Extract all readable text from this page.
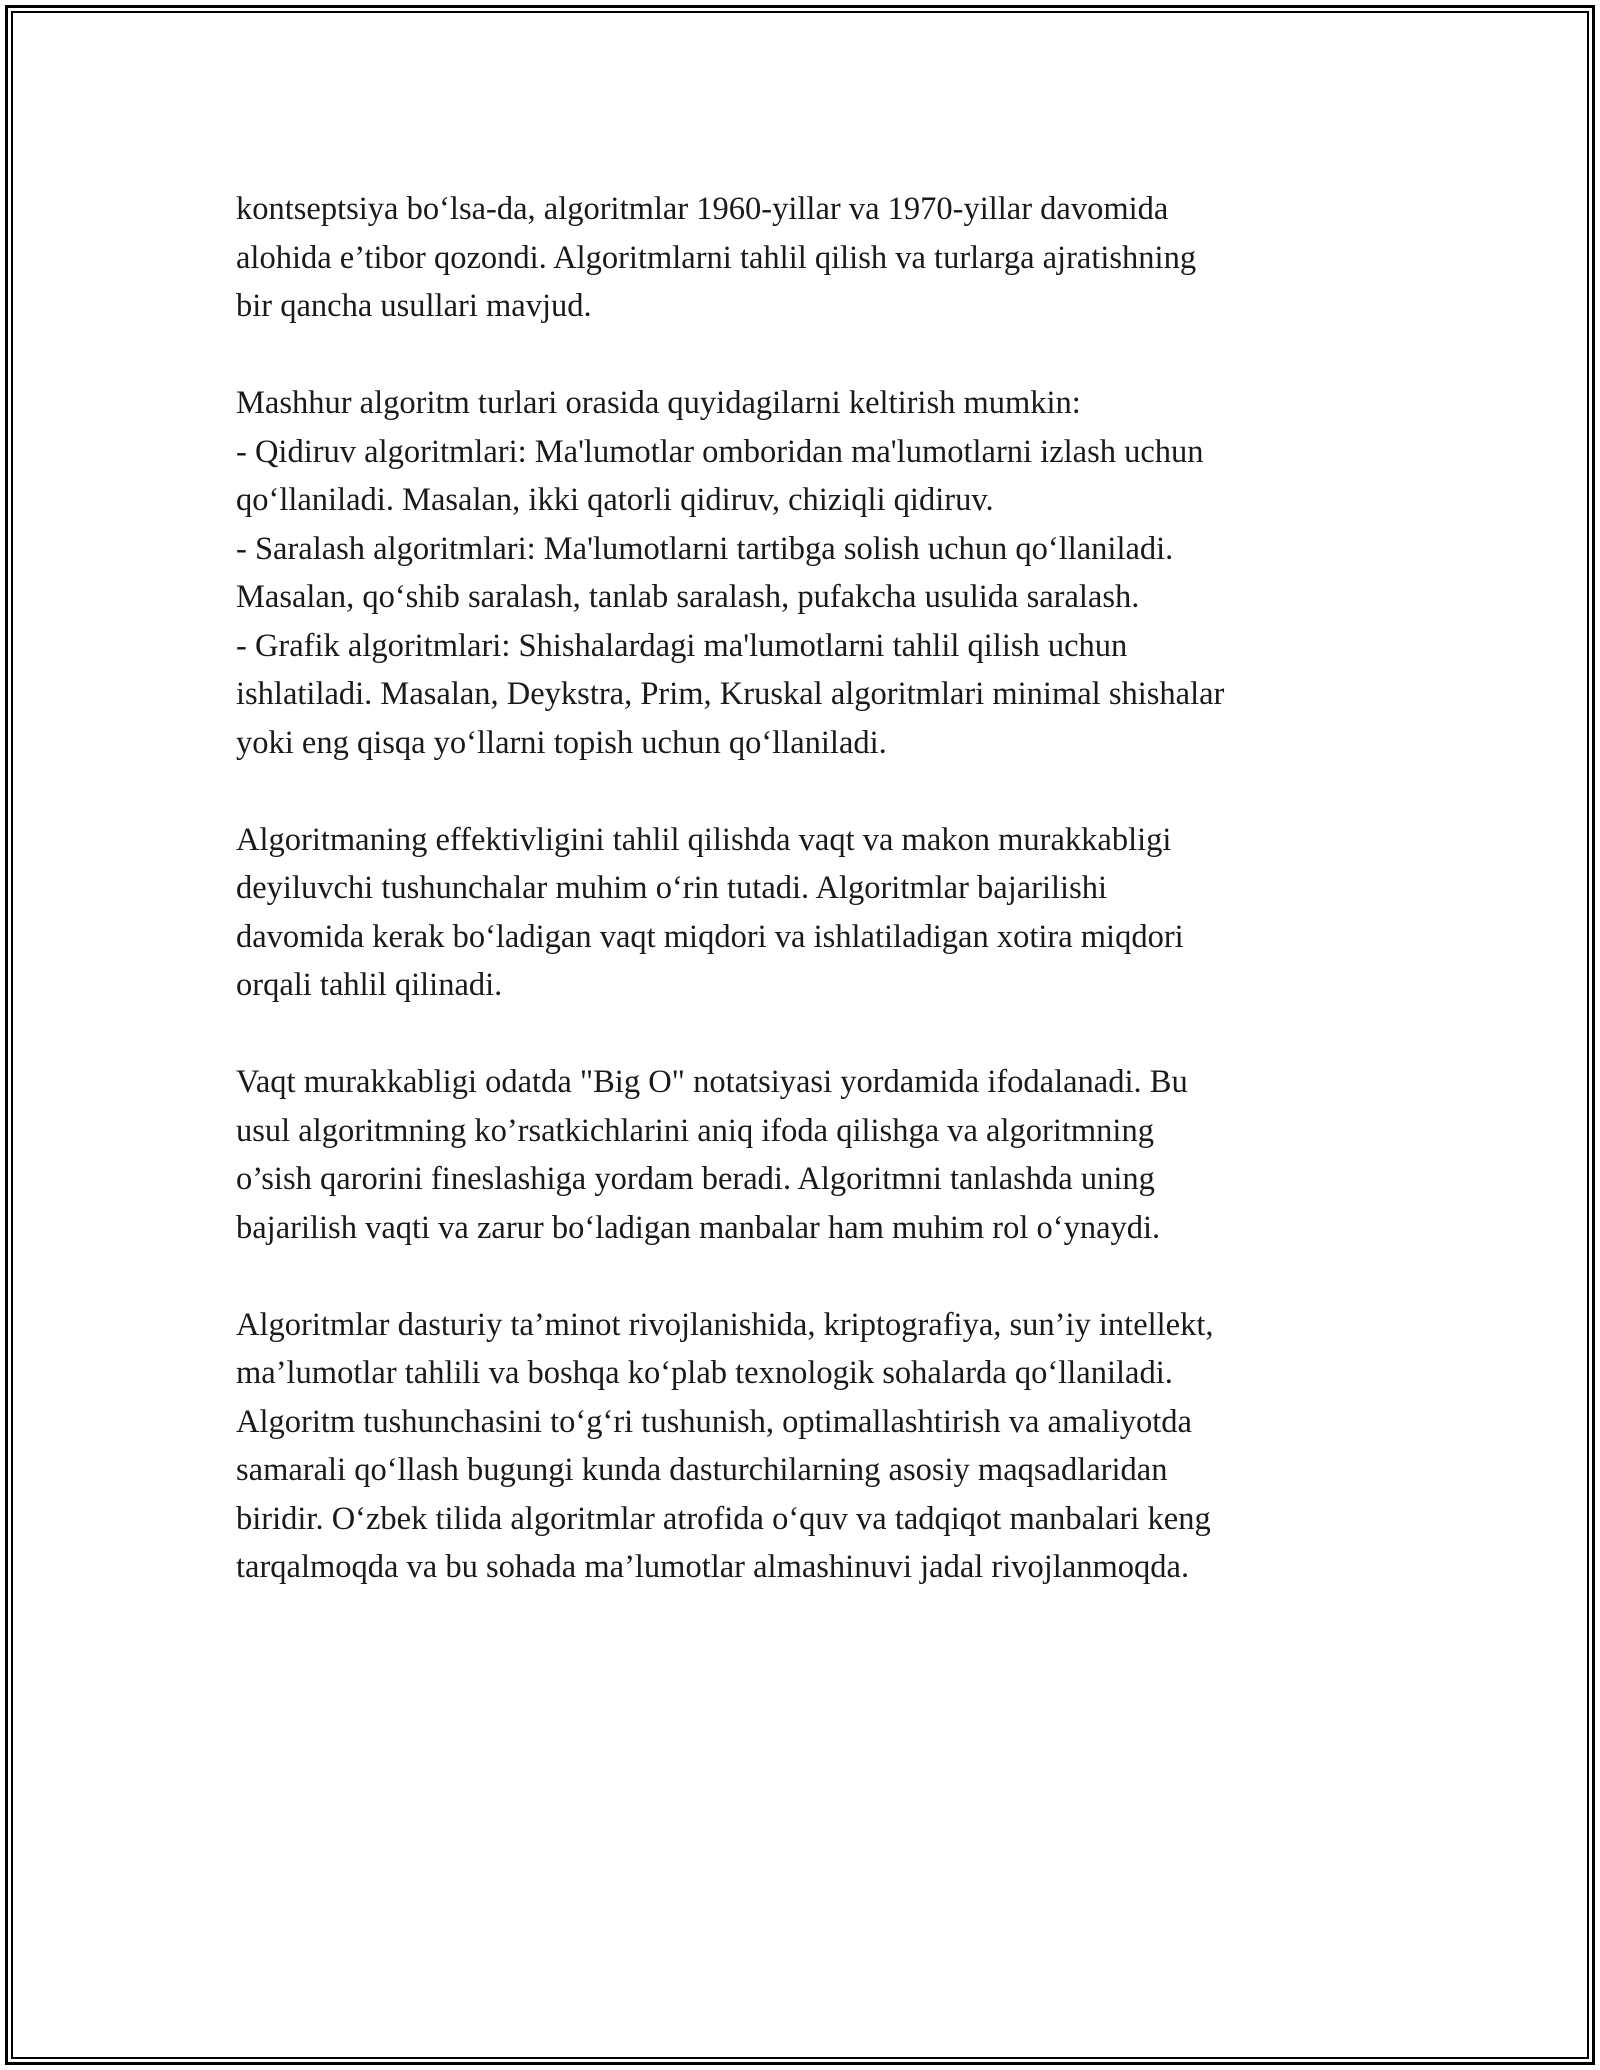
kontseptsiya boʻlsa-da, algoritmlar 1960-yillar va 1970-yillar davomida
alohida e’tibor qozondi. Algoritmlarni tahlil qilish va turlarga ajratishning
bir qancha usullari mavjud.
Mashhur algoritm turlari orasida quyidagilarni keltirish mumkin:
- Qidiruv algoritmlari: Ma'lumotlar omboridan ma'lumotlarni izlash uchun
qoʻllaniladi. Masalan, ikki qatorli qidiruv, chiziqli qidiruv.
- Saralash algoritmlari: Ma'lumotlarni tartibga solish uchun qoʻllaniladi.
Masalan, qoʻshib saralash, tanlab saralash, pufakcha usulida saralash.
- Grafik algoritmlari: Shishalardagi ma'lumotlarni tahlil qilish uchun
ishlatiladi. Masalan, Deykstra, Prim, Kruskal algoritmlari minimal shishalar
yoki eng qisqa yoʻllarni topish uchun qoʻllaniladi.
Algoritmaning effektivligini tahlil qilishda vaqt va makon murakkabligi
deyiluvchi tushunchalar muhim oʻrin tutadi. Algoritmlar bajarilishi
davomida kerak boʻladigan vaqt miqdori va ishlatiladigan xotira miqdori
orqali tahlil qilinadi.
Vaqt murakkabligi odatda "Big O" notatsiyasi yordamida ifodalanadi. Bu
usul algoritmning ko’rsatkichlarini aniq ifoda qilishga va algoritmning
o’sish qarorini fineslashiga yordam beradi. Algoritmni tanlashda uning
bajarilish vaqti va zarur boʻladigan manbalar ham muhim rol oʻynaydi.
Algoritmlar dasturiy ta’minot rivojlanishida, kriptografiya, sun’iy intellekt,
ma’lumotlar tahlili va boshqa koʻplab texnologik sohalarda qoʻllaniladi.
Algoritm tushunchasini toʻgʻri tushunish, optimallashtirish va amaliyotda
samarali qoʻllash bugungi kunda dasturchilarning asosiy maqsadlaridan
biridir. Oʻzbek tilida algoritmlar atrofida oʻquv va tadqiqot manbalari keng
tarqalmoqda va bu sohada ma’lumotlar almashinuvi jadal rivojlanmoqda.
